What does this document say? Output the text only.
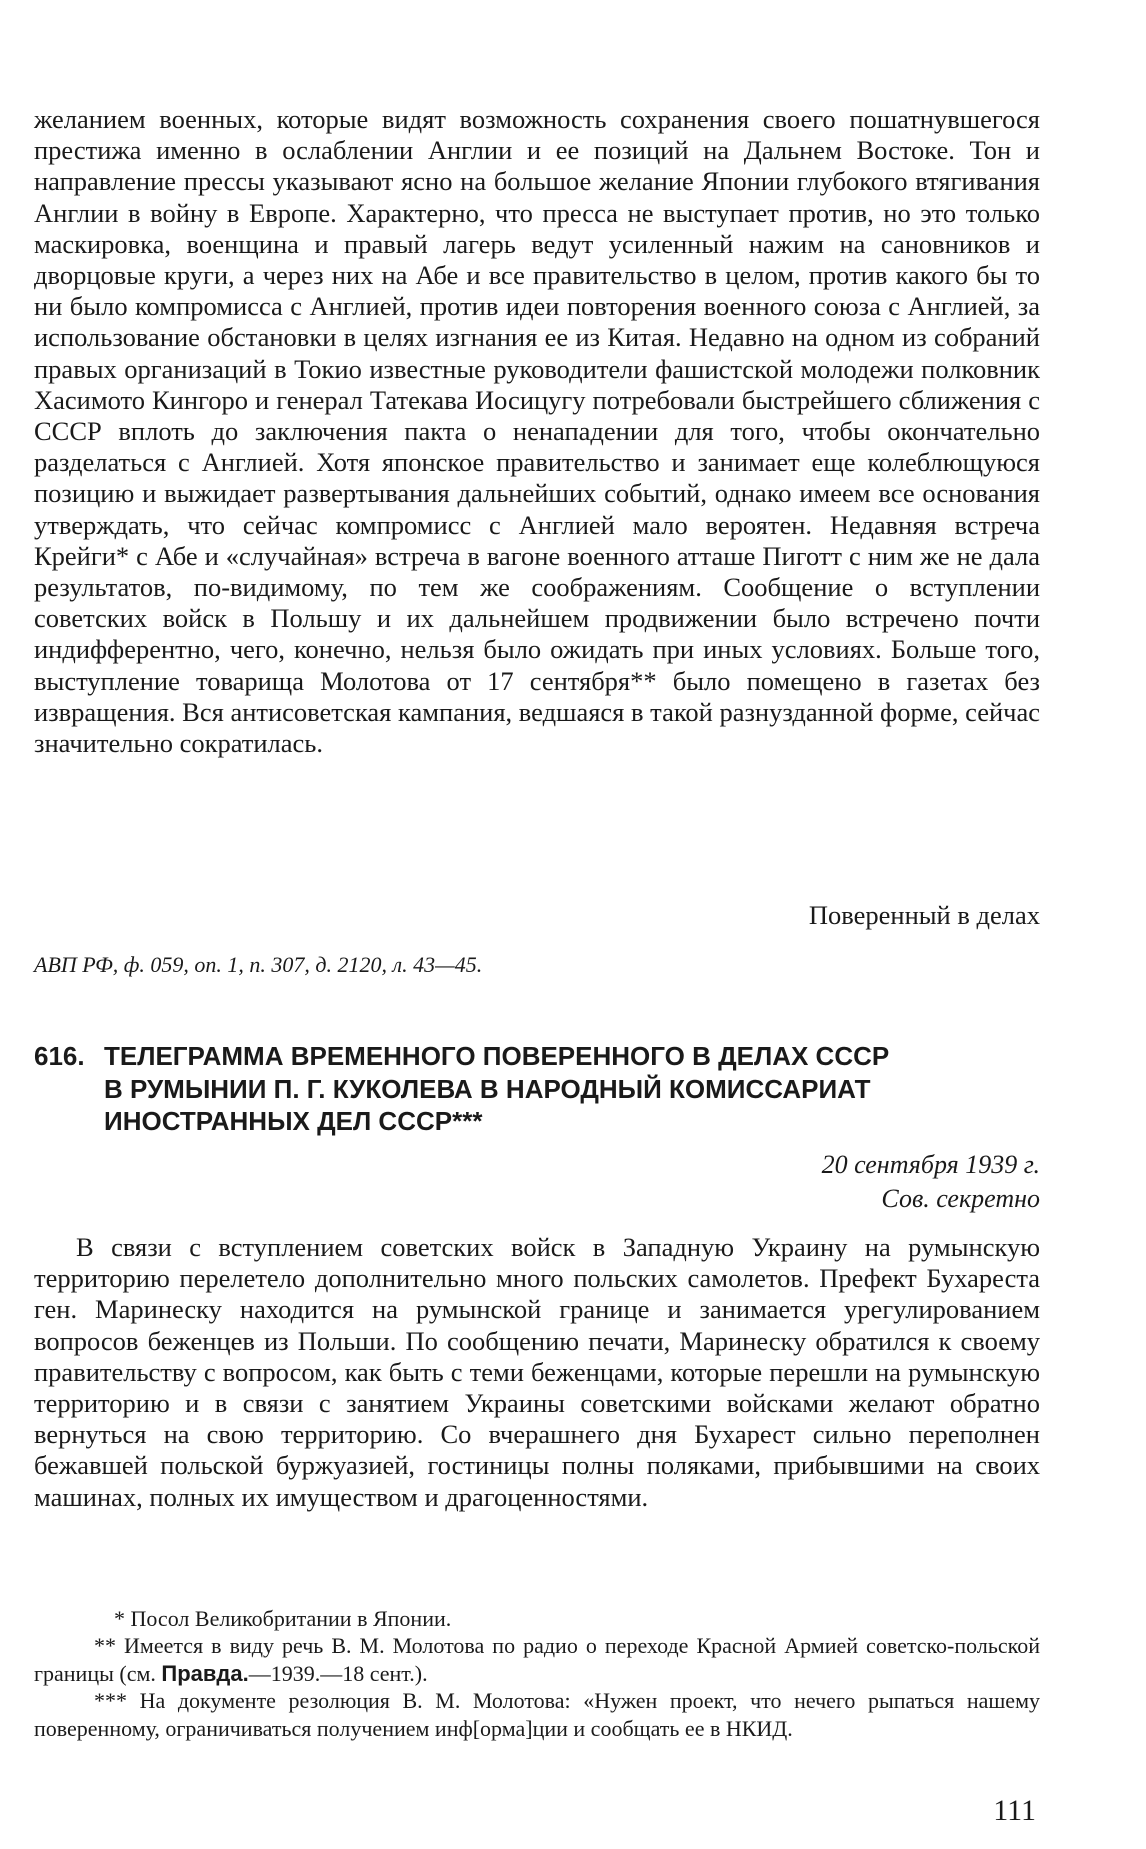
желанием военных, которые видят возможность сохранения своего пошатнувшегося престижа именно в ослаблении Англии и ее позиций на Дальнем Востоке. Тон и направление прессы указывают ясно на большое желание Японии глубокого втягивания Англии в войну в Европе. Характерно, что пресса не выступает против, но это только маскировка, военщина и правый лагерь ведут усиленный нажим на сановников и дворцовые круги, а через них на Абе и все правительство в целом, против какого бы то ни было компромисса с Англией, против идеи повторения военного союза с Англией, за использование обстановки в целях изгнания ее из Китая. Недавно на одном из собраний правых организаций в Токио известные руководители фашистской молодежи полковник Хасимото Кингоро и генерал Татекава Иосицугу потребовали быстрейшего сближения с СССР вплоть до заключения пакта о ненападении для того, чтобы окончательно разделаться с Англией. Хотя японское правительство и занимает еще колеблющуюся позицию и выжидает развертывания дальнейших событий, однако имеем все основания утверждать, что сейчас компромисс с Англией мало вероятен. Недавняя встреча Крейги* с Абе и «случайная» встреча в вагоне военного атташе Пиготт с ним же не дала результатов, по-видимому, по тем же соображениям. Сообщение о вступлении советских войск в Польшу и их дальнейшем продвижении было встречено почти индифферентно, чего, конечно, нельзя было ожидать при иных условиях. Больше того, выступление товарища Молотова от 17 сентября** было помещено в газетах без извращения. Вся антисоветская кампания, ведшаяся в такой разнузданной форме, сейчас значительно сократилась.

Поверенный в делах
АВП РФ, ф. 059, оп. 1, п. 307, д. 2120, л. 43—45.
616. ТЕЛЕГРАММА ВРЕМЕННОГО ПОВЕРЕННОГО В ДЕЛАХ СССР
В РУМЫНИИ П. Г. КУКОЛЕВА В НАРОДНЫЙ КОМИССАРИАТ
ИНОСТРАННЫХ ДЕЛ СССР***
20 сентября 1939 г.
Сов. секретно

В связи с вступлением советских войск в Западную Украину на румынскую территорию перелетело дополнительно много польских самолетов. Префект Бухареста ген. Маринеску находится на румынской границе и занимается урегулированием вопросов беженцев из Польши. По сообщению печати, Маринеску обратился к своему правительству с вопросом, как быть с теми беженцами, которые перешли на румынскую территорию и в связи с занятием Украины советскими войсками желают обратно вернуться на свою территорию. Со вчерашнего дня Бухарест сильно переполнен бежавшей польской буржуазией, гостиницы полны поляками, прибывшими на своих машинах, полных их имуществом и драгоценностями.

* Посол Великобритании в Японии.

** Имеется в виду речь В. М. Молотова по радио о переходе Красной Армией советско-польской границы (см. Правда.—1939.—18 сент.).

*** На документе резолюция В. М. Молотова: «Нужен проект, что нечего рыпаться нашему поверенному, ограничиваться получением инф[орма]ции и сообщать ее в НКИД.

111
